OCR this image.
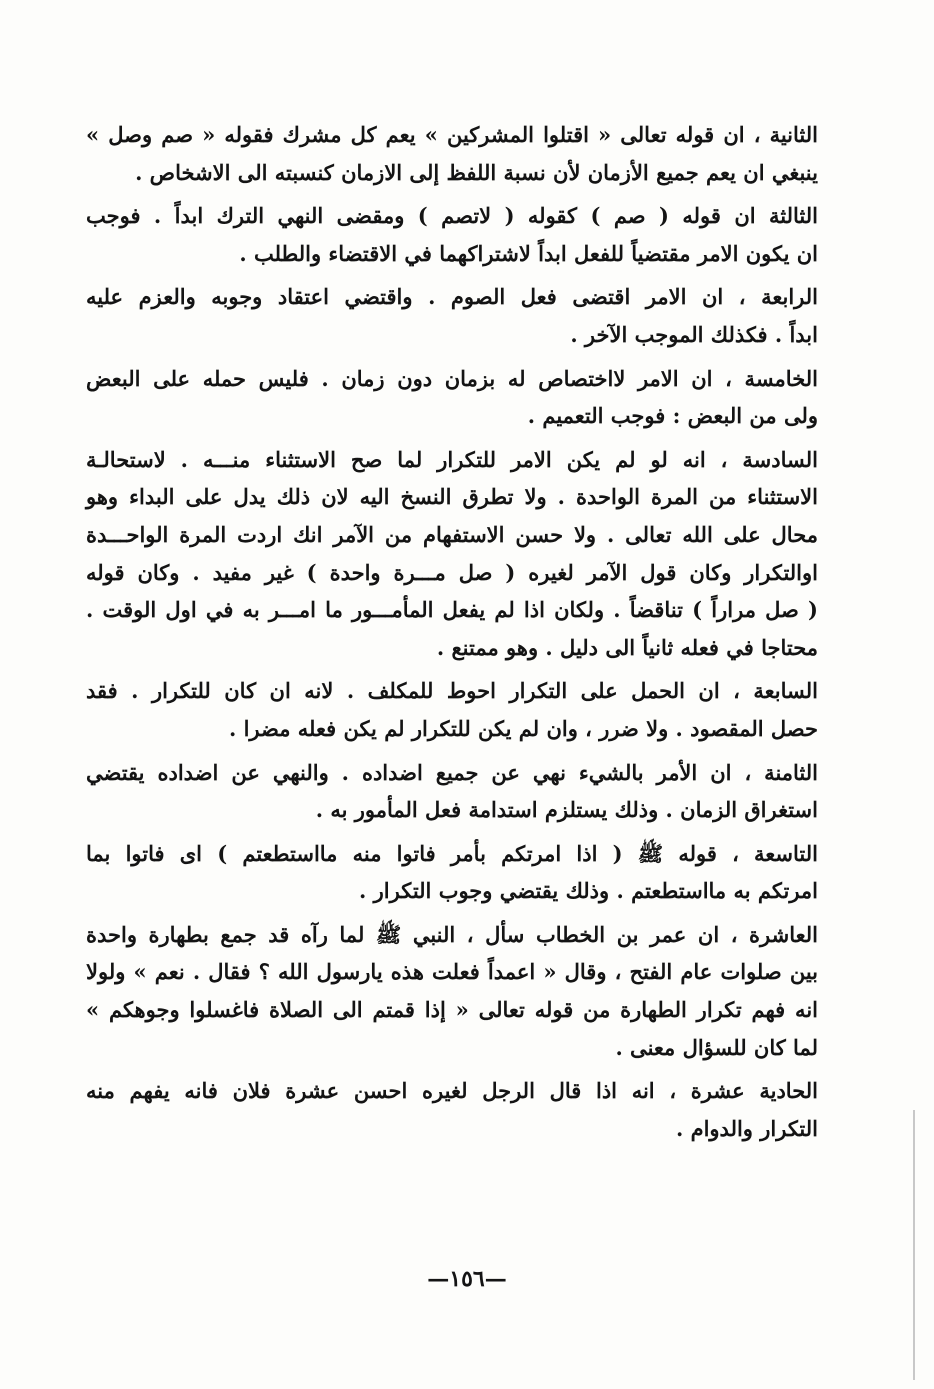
الثانية ، ان قوله تعالى « اقتلوا المشركين » يعم كل مشرك فقوله « صم وصل »
ينبغي ان يعم جميع الأزمان لأن نسبة اللفظ إلى الازمان كنسبته الى الاشخاص .
الثالثة ان قوله ( صم ) كقوله ( لاتصم ) ومقضى النهي الترك ابداً . فوجب
ان يكون الامر مقتضياً للفعل ابداً لاشتراكهما في الاقتضاء والطلب .
الرابعة ، ان الامر اقتضى فعل الصوم . واقتضي اعتقاد وجوبه والعزم عليه
ابداً . فكذلك الموجب الآخر .
الخامسة ، ان الامر لااختصاص له بزمان دون زمان . فليس حمله على البعض
ولى من البعض : فوجب التعميم .
السادسة ، انه لو لم يكن الامر للتكرار لما صح الاستثناء منـــه . لاستحالـة
الاستثناء من المرة الواحدة . ولا تطرق النسخ اليه لان ذلك يدل على البداء وهو
محال على الله تعالى . ولا حسن الاستفهام من الآمر انك اردت المرة الواحـــدة
اوالتكرار وكان قول الآمر لغيره ( صل مـــرة واحدة ) غير مفيد . وكان قوله
( صل مراراً ) تناقضاً . ولكان اذا لم يفعل المأمـــور ما امـــر به في اول الوقت .
محتاجا في فعله ثانياً الى دليل . وهو ممتنع .
السابعة ، ان الحمل على التكرار احوط للمكلف . لانه ان كان للتكرار . فقد
حصل المقصود . ولا ضرر ، وان لم يكن للتكرار لم يكن فعله مضرا .
الثامنة ، ان الأمر بالشيء نهي عن جميع اضداده . والنهي عن اضداده يقتضي
استغراق الزمان . وذلك يستلزم استدامة فعل المأمور به .
التاسعة ، قوله ﷺ ( اذا امرتكم بأمر فاتوا منه مااستطعتم ) اى فاتوا بما
امرتكم به مااستطعتم . وذلك يقتضي وجوب التكرار .
العاشرة ، ان عمر بن الخطاب سأل ، النبي ﷺ لما رآه قد جمع بطهارة واحدة
بين صلوات عام الفتح ، وقال « اعمداً فعلت هذه يارسول الله ؟ فقال . نعم » ولولا
انه فهم تكرار الطهارة من قوله تعالى « إذا قمتم الى الصلاة فاغسلوا وجوهكم »
لما كان للسؤال معنى .
الحادية عشرة ، انه اذا قال الرجل لغيره احسن عشرة فلان فانه يفهم منه
التكرار والدوام .
—١٥٦—
